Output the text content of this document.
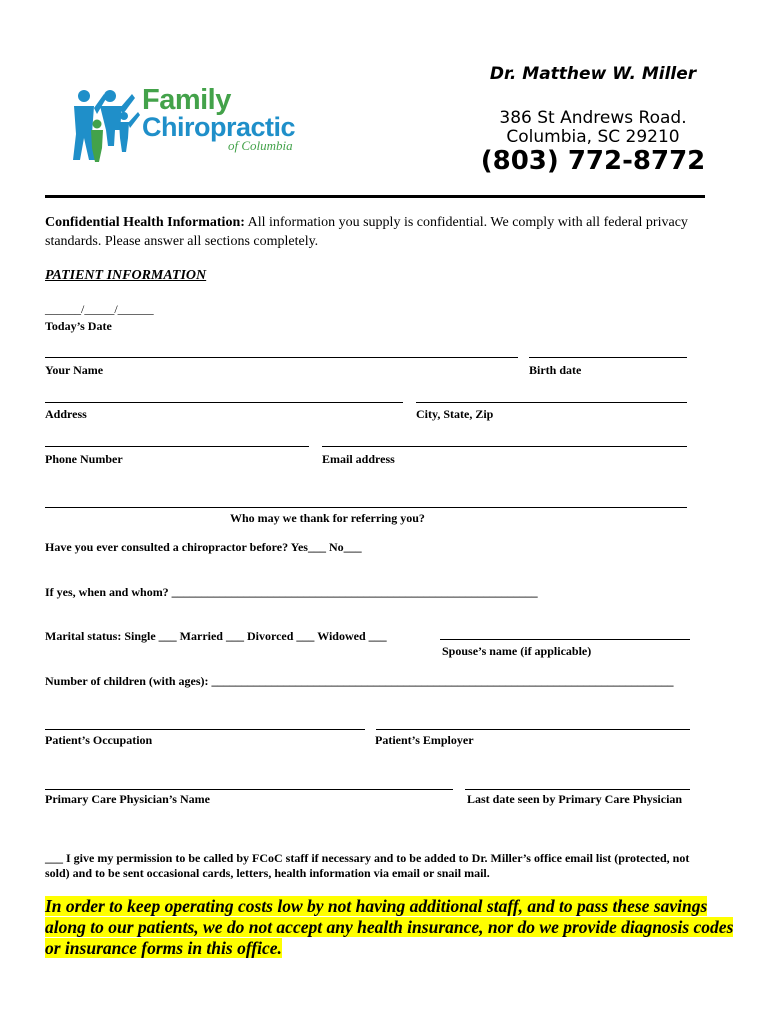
Family
Chiropractic
of Columbia
Dr. Matthew W. Miller
386 St Andrews Road.
Columbia, SC 29210
(803) 772-8772
Confidential Health Information: All information you supply is confidential. We comply with all federal privacy standards. Please answer all sections completely.
PATIENT INFORMATION
______/_____/______
Today’s Date
Your Name	Birth date
Address	City, State, Zip
Phone Number	Email address
Who may we thank for referring you?
Have you ever consulted a chiropractor before? Yes___ No___
If yes, when and whom? _____________________________________________________________
Marital status: Single ___ Married ___ Divorced ___ Widowed ___
Spouse’s name (if applicable)
Number of children (with ages): _____________________________________________________________________________
Patient’s Occupation	Patient’s Employer
Primary Care Physician’s Name	Last date seen by Primary Care Physician
___ I give my permission to be called by FCoC staff if necessary and to be added to Dr. Miller’s office email list (protected, not
sold) and to be sent occasional cards, letters, health information via email or snail mail.
In order to keep operating costs low by not having additional staff, and to pass these savings along to our patients, we do not accept any health insurance, nor do we provide diagnosis codes or insurance forms in this office.
